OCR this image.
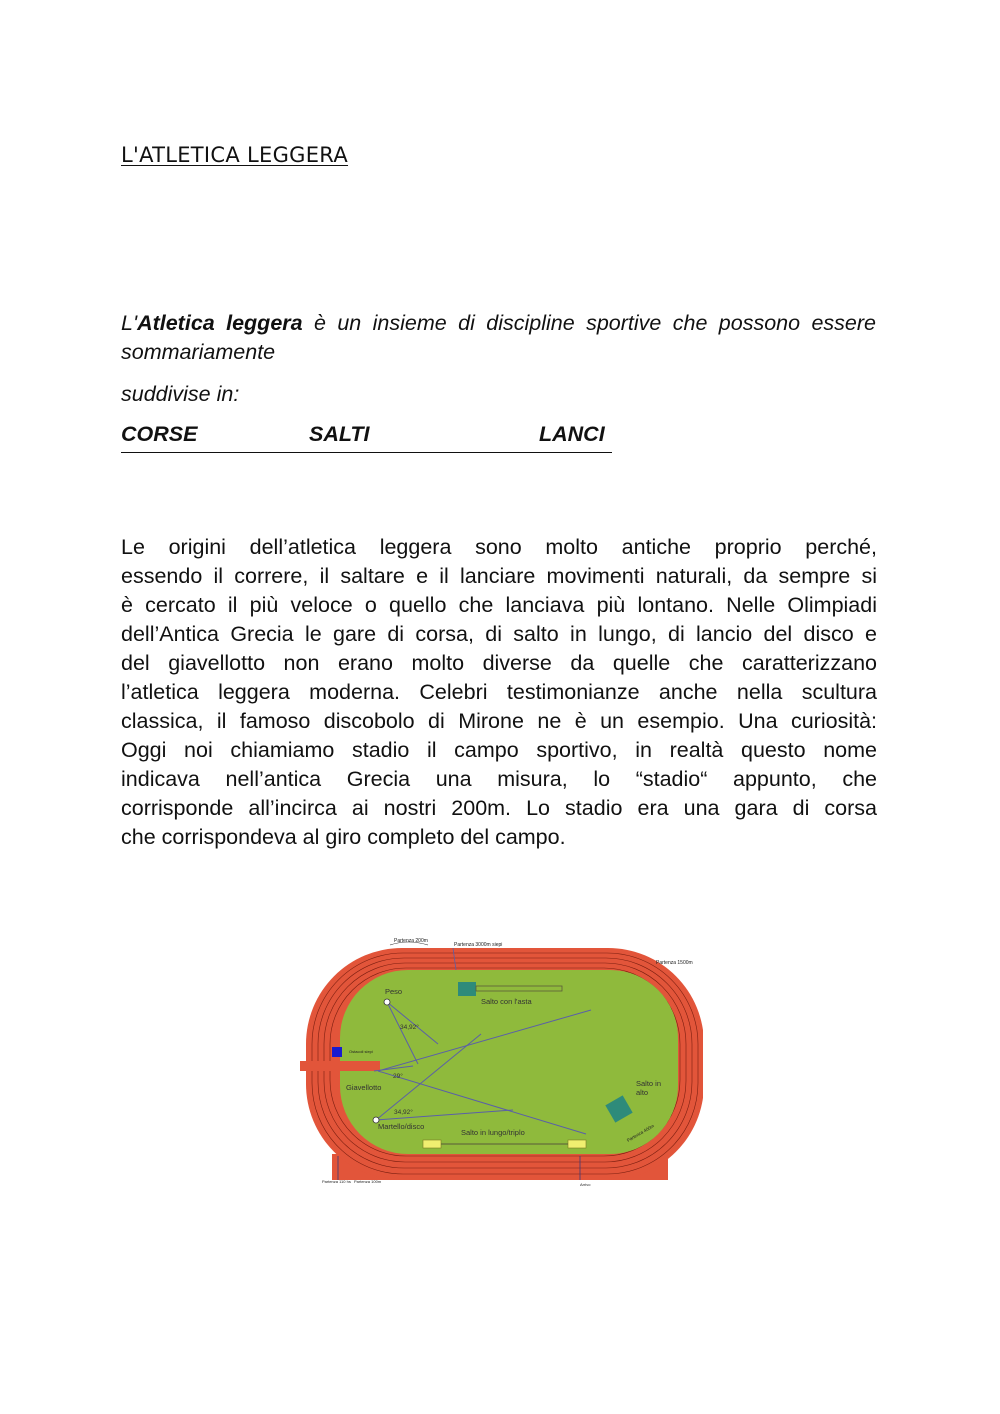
L'ATLETICA LEGGERA
L'Atletica leggera è un insieme di discipline sportive che possono essere sommariamente
suddivise in:
CORSE	SALTI	LANCI
Le origini dell’atletica leggera sono molto antiche proprio perché,
essendo il correre, il saltare e il lanciare movimenti naturali, da sempre si
è cercato il più veloce o quello che lanciava più lontano. Nelle Olimpiadi
dell’Antica Grecia le gare di corsa, di salto in lungo, di lancio del disco e
del giavellotto non erano molto diverse da quelle che caratterizzano
l’atletica leggera moderna. Celebri testimonianze anche nella scultura
classica, il famoso discobolo di Mirone ne è un esempio. Una curiosità:
Oggi noi chiamiamo stadio il campo sportivo, in realtà questo nome
indicava nell’antica Grecia una misura, lo “stadio“ appunto, che
corrisponde all’incirca ai nostri 200m. Lo stadio era una gara di corsa
che corrispondeva al giro completo del campo.
Partenza 200m
Partenza 3000m siepi
Partenza 1500m
Ostacoli siepi
Partenza 110 hs Partenza 100m
Arrivo
Partenza 400m
Peso
Salto con l'asta
34,92°
29°
Giavellotto
34,92°
Martello/disco
Salto in lungo/triplo
Salto in alto
